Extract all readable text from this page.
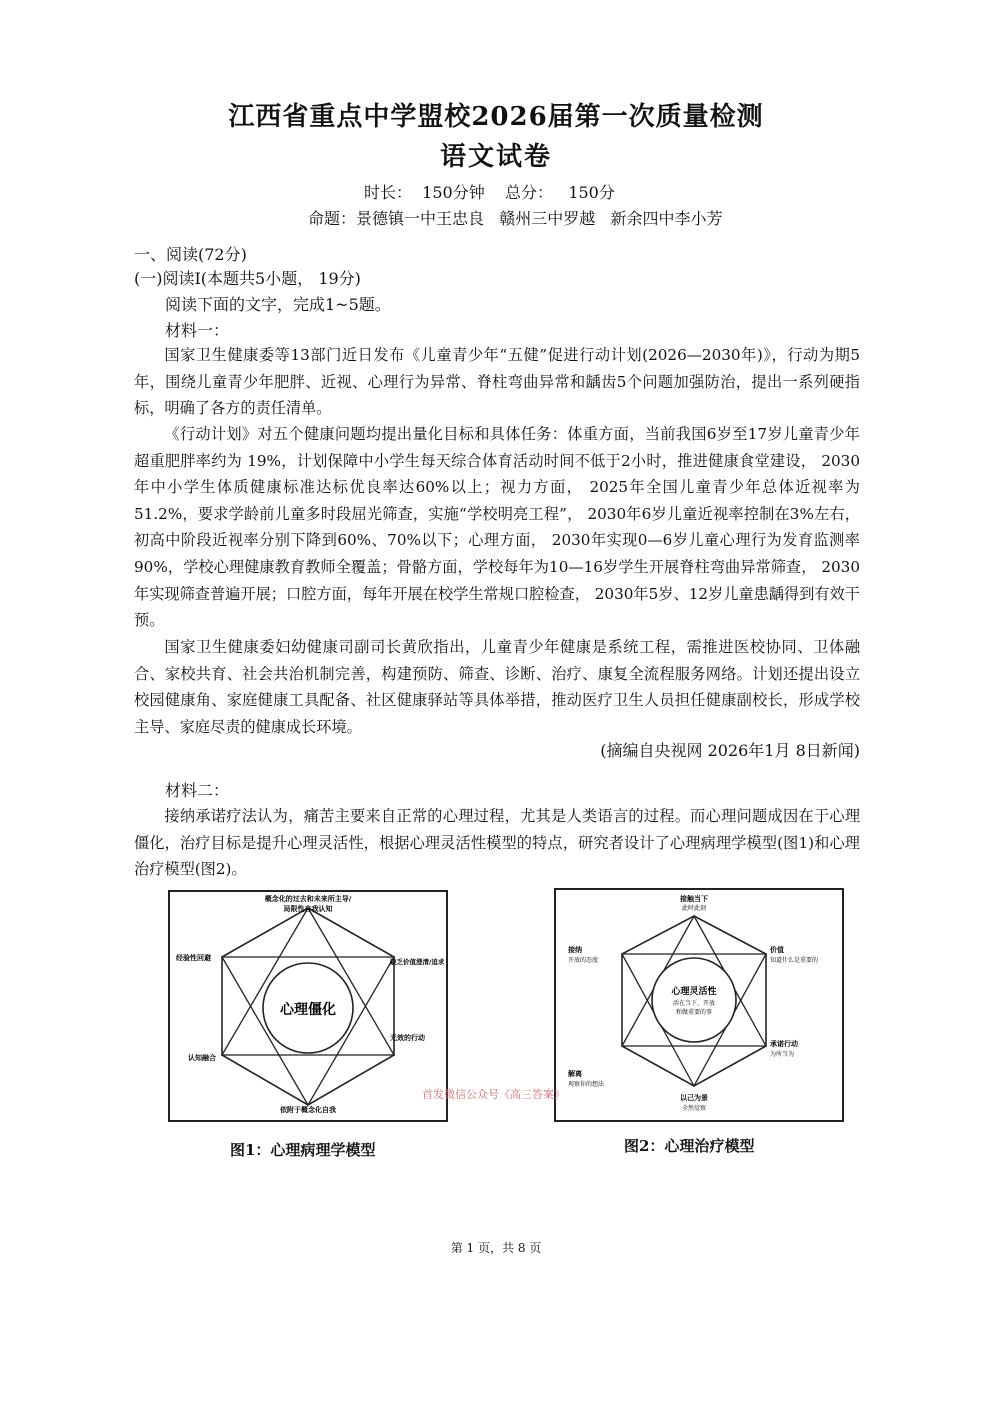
江西省重点中学盟校2026届第一次质量检测
语文试卷
时长：  150分钟    总分：   150分
命题：景德镇一中王忠良   赣州三中罗越   新余四中李小芳
一、阅读(72分)
(一)阅读Ⅰ(本题共5小题， 19分)
阅读下面的文字，完成1~5题。
材料一：
国家卫生健康委等13部门近日发布《儿童青少年“五健”促进行动计划(2026—2030年)》，行动为期5年，围绕儿童青少年肥胖、近视、心理行为异常、脊柱弯曲异常和龋齿5个问题加强防治，提出一系列硬指标，明确了各方的责任清单。
《行动计划》对五个健康问题均提出量化目标和具体任务：体重方面，当前我国6岁至17岁儿童青少年超重肥胖率约为 19%，计划保障中小学生每天综合体育活动时间不低于2小时，推进健康食堂建设， 2030年中小学生体质健康标准达标优良率达60%以上；视力方面， 2025年全国儿童青少年总体近视率为51.2%，要求学龄前儿童多时段屈光筛查，实施“学校明亮工程”， 2030年6岁儿童近视率控制在3%左右，初高中阶段近视率分别下降到60%、70%以下；心理方面， 2030年实现0—6岁儿童心理行为发育监测率90%，学校心理健康教育教师全覆盖；骨骼方面，学校每年为10—16岁学生开展脊柱弯曲异常筛查， 2030年实现筛查普遍开展；口腔方面，每年开展在校学生常规口腔检查， 2030年5岁、12岁儿童患龋得到有效干预。
国家卫生健康委妇幼健康司副司长黄欣指出，儿童青少年健康是系统工程，需推进医校协同、卫体融合、家校共育、社会共治机制完善，构建预防、筛查、诊断、治疗、康复全流程服务网络。计划还提出设立校园健康角、家庭健康工具配备、社区健康驿站等具体举措，推动医疗卫生人员担任健康副校长，形成学校主导、家庭尽责的健康成长环境。
(摘编自央视网 2026年1月 8日新闻)
材料二：
接纳承诺疗法认为，痛苦主要来自正常的心理过程，尤其是人类语言的过程。而心理问题成因在于心理僵化，治疗目标是提升心理灵活性，根据心理灵活性模型的特点，研究者设计了心理病理学模型(图1)和心理治疗模型(图2)。
心理僵化
概念化的过去和未来所主导/
局限性自我认知
经验性回避	缺乏价值澄清/追求
无效的行动
认知融合
依附于概念化自我
图1：心理病理学模型
心理灵活性
活在当下，开放
和做重要的事
接触当下
此时此刻
接纳
开放的态度
价值
知道什么是重要的
承诺行动
为所当为
解离
观察你的想法
以己为景
全然觉察
图2：心理治疗模型
首发微信公众号《高三答案》
第 1 页，共 8 页
